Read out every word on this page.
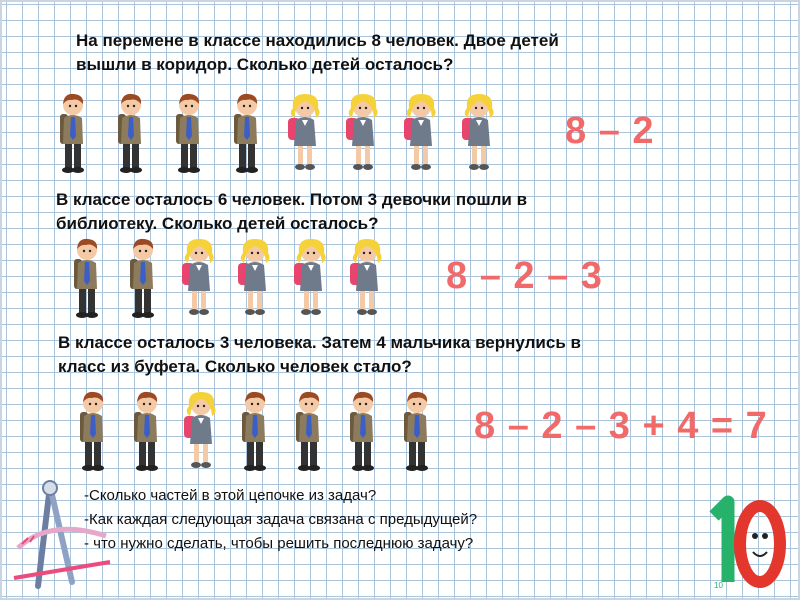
На перемене в классе находились 8 человек. Двое детей
вышли в коридор. Сколько детей осталось?
8 – 2
В классе осталось 6 человек. Потом 3 девочки пошли в
библиотеку. Сколько детей осталось?
8 – 2 – 3
В классе осталось 3 человека. Затем 4 мальчика вернулись в
класс из буфета. Сколько человек стало?
8 – 2 – 3 + 4 = 7
-Сколько частей в этой цепочке из задач?
-Как каждая следующая задача связана с предыдущей?
- что нужно сделать, чтобы решить последнюю задачу?
10
